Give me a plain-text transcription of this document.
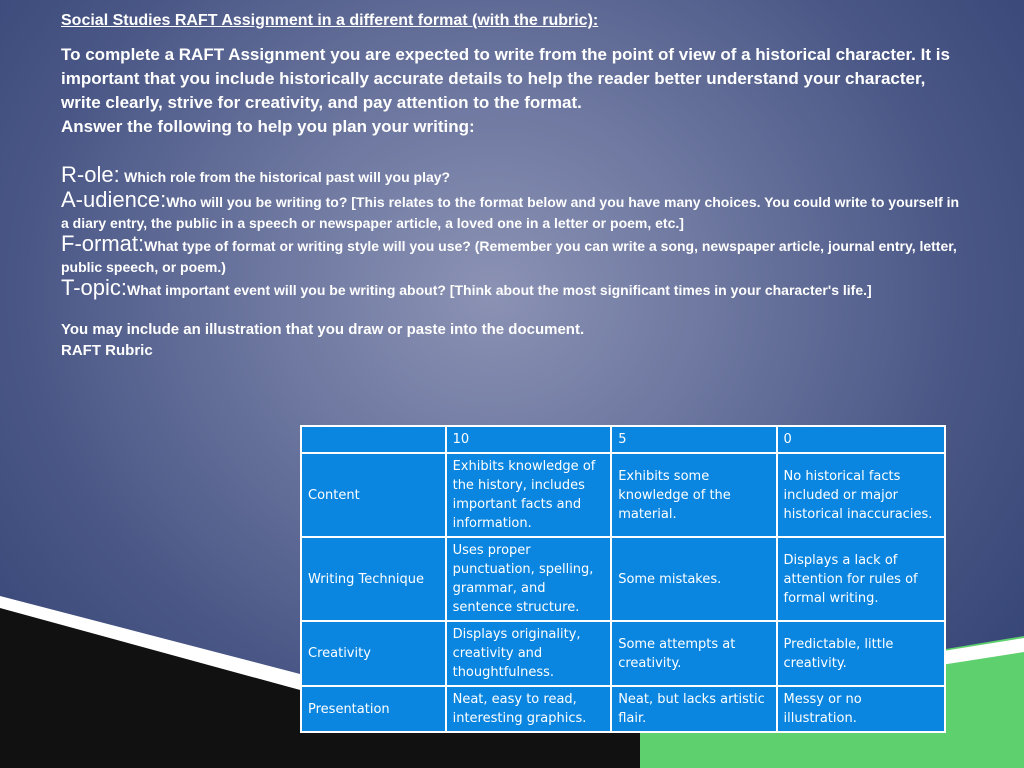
Social Studies RAFT Assignment in a different format (with the rubric):

To complete a RAFT Assignment you are expected to write from the point of view of a historical character. It is important that you include historically accurate details to help the reader better understand your character, write clearly, strive for creativity, and pay attention to the format.

Answer the following to help you plan your writing:

R-ole: Which role from the historical past will you play?

A-udience:Who will you be writing to? [This relates to the format below and you have many choices. You could write to yourself in a diary entry, the public in a speech or newspaper article, a loved one in a letter or poem, etc.]

F-ormat:What type of format or writing style will you use? (Remember you can write a song, newspaper article, journal entry, letter, public speech, or poem.)

T-opic:What important event will you be writing about? [Think about the most significant times in your character's life.]

You may include an illustration that you draw or paste into the document.

RAFT Rubric

	10	5	0
Content	Exhibits knowledge of the history, includes important facts and information.	Exhibits some knowledge of the material.	No historical facts included or major historical inaccuracies.
Writing Technique	Uses proper punctuation, spelling, grammar, and sentence structure.	Some mistakes.	Displays a lack of attention for rules of formal writing.
Creativity	Displays originality, creativity and thoughtfulness.	Some attempts at creativity.	Predictable, little creativity.
Presentation	Neat, easy to read, interesting graphics.	Neat, but lacks artistic flair.	Messy or no illustration.
